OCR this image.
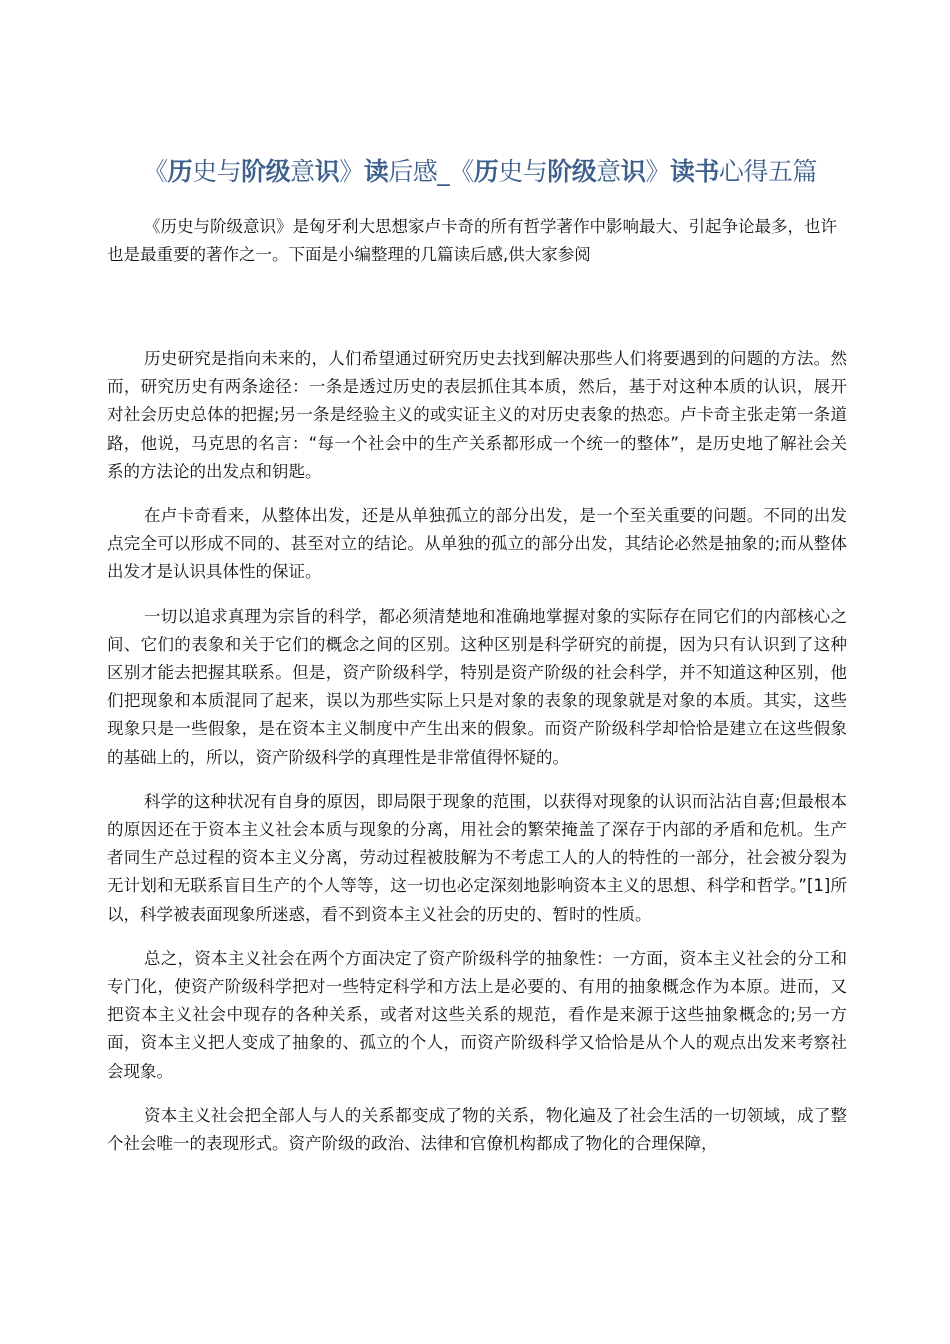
《历史与阶级意识》读后感_《历史与阶级意识》读书心得五篇

《历史与阶级意识》是匈牙利大思想家卢卡奇的所有哲学著作中影响最大、引起争论最多，也许也是最重要的著作之一。下面是小编整理的几篇读后感,供大家参阅

历史研究是指向未来的，人们希望通过研究历史去找到解决那些人们将要遇到的问题的方法。然而，研究历史有两条途径：一条是透过历史的表层抓住其本质，然后，基于对这种本质的认识，展开对社会历史总体的把握;另一条是经验主义的或实证主义的对历史表象的热恋。卢卡奇主张走第一条道路，他说，马克思的名言：“每一个社会中的生产关系都形成一个统一的整体”，是历史地了解社会关系的方法论的出发点和钥匙。

在卢卡奇看来，从整体出发，还是从单独孤立的部分出发，是一个至关重要的问题。不同的出发点完全可以形成不同的、甚至对立的结论。从单独的孤立的部分出发，其结论必然是抽象的;而从整体出发才是认识具体性的保证。

一切以追求真理为宗旨的科学，都必须清楚地和准确地掌握对象的实际存在同它们的内部核心之间、它们的表象和关于它们的概念之间的区别。这种区别是科学研究的前提，因为只有认识到了这种区别才能去把握其联系。但是，资产阶级科学，特别是资产阶级的社会科学，并不知道这种区别，他们把现象和本质混同了起来，误以为那些实际上只是对象的表象的现象就是对象的本质。其实，这些现象只是一些假象，是在资本主义制度中产生出来的假象。而资产阶级科学却恰恰是建立在这些假象的基础上的，所以，资产阶级科学的真理性是非常值得怀疑的。

科学的这种状况有自身的原因，即局限于现象的范围，以获得对现象的认识而沾沾自喜;但最根本的原因还在于资本主义社会本质与现象的分离，用社会的繁荣掩盖了深存于内部的矛盾和危机。生产者同生产总过程的资本主义分离，劳动过程被肢解为不考虑工人的人的特性的一部分，社会被分裂为无计划和无联系盲目生产的个人等等，这一切也必定深刻地影响资本主义的思想、科学和哲学。”[1]所以，科学被表面现象所迷惑，看不到资本主义社会的历史的、暂时的性质。

总之，资本主义社会在两个方面决定了资产阶级科学的抽象性：一方面，资本主义社会的分工和专门化，使资产阶级科学把对一些特定科学和方法上是必要的、有用的抽象概念作为本原。进而，又把资本主义社会中现存的各种关系，或者对这些关系的规范，看作是来源于这些抽象概念的;另一方面，资本主义把人变成了抽象的、孤立的个人，而资产阶级科学又恰恰是从个人的观点出发来考察社会现象。

资本主义社会把全部人与人的关系都变成了物的关系，物化遍及了社会生活的一切领域，成了整个社会唯一的表现形式。资产阶级的政治、法律和官僚机构都成了物化的合理保障，
